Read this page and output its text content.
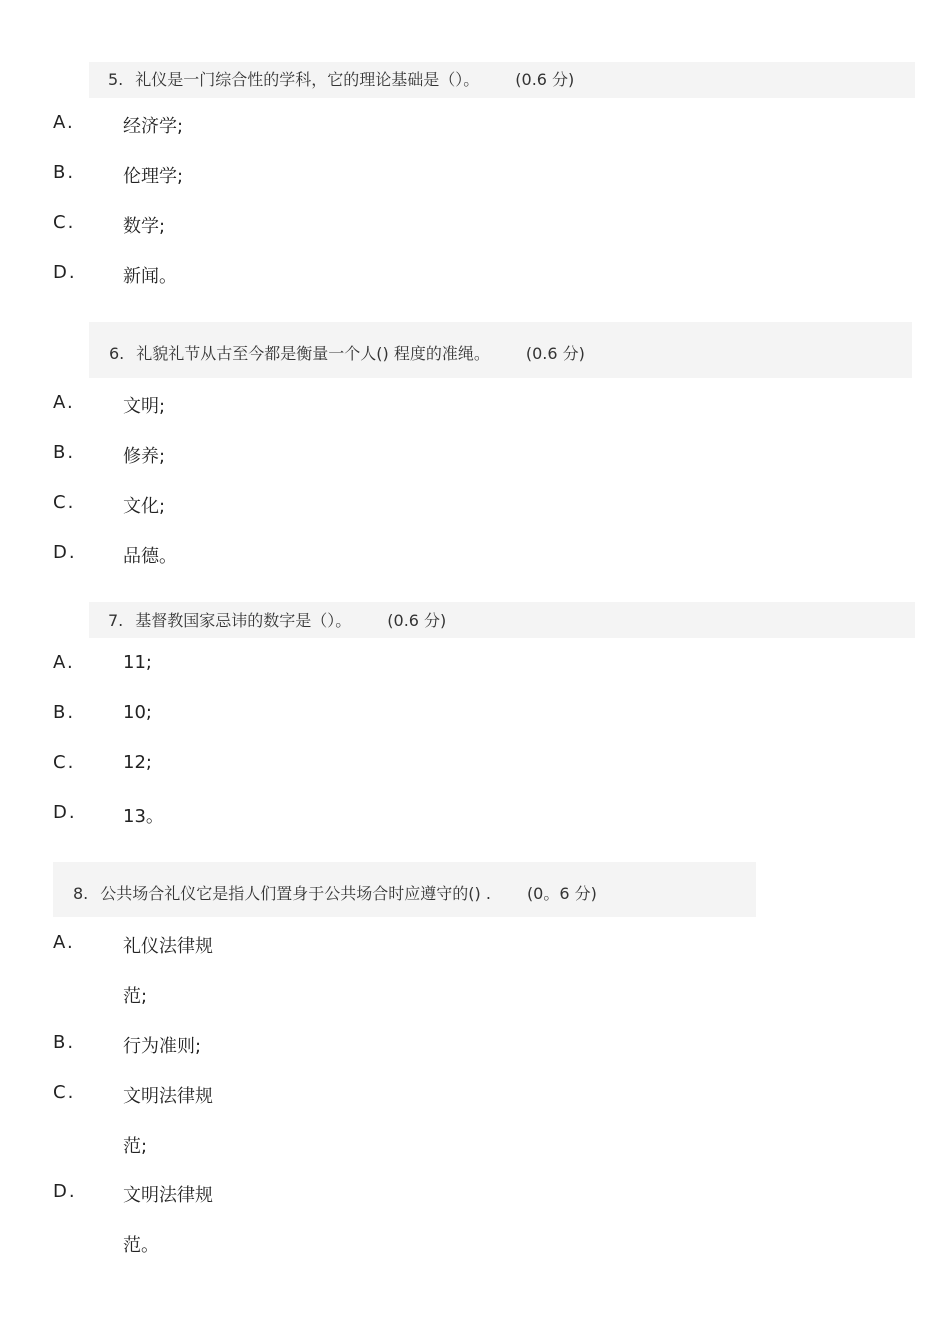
5. 礼仪是一门综合性的学科，它的理论基础是（）。 (0.6 分)
A.	经济学;
B.	伦理学;
C.	数学;
D.	新闻。
6. 礼貌礼节从古至今都是衡量一个人() 程度的准绳。 (0.6 分)
A.	文明;
B.	修养;
C.	文化;
D.	品德。
7. 基督教国家忌讳的数字是（）。 (0.6 分)
A.	11;
B.	10;
C.	12;
D.	13。
8. 公共场合礼仪它是指人们置身于公共场合时应遵守的() . (0。6 分)
A.	礼仪法律规
范;
B.	行为准则;
C.	文明法律规
范;
D.	文明法律规
范。
